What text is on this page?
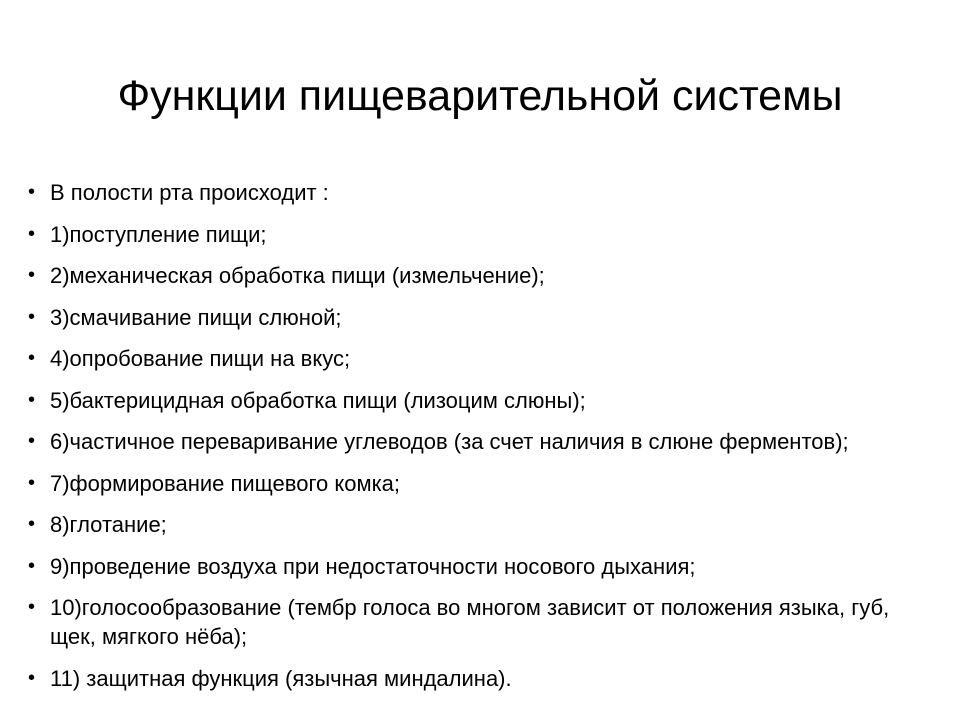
Функции пищеварительной системы
• В полости рта происходит :
• 1)поступление пищи;
• 2)механическая обработка пищи (измельчение);
• 3)смачивание пищи слюной;
• 4)опробование пищи на вкус;
• 5)бактерицидная обработка пищи (лизоцим слюны);
• 6)частичное переваривание углеводов (за счет наличия в слюне ферментов);
• 7)формирование пищевого комка;
• 8)глотание;
• 9)проведение воздуха при недостаточности носового дыхания;
• 10)голосообразование (тембр голоса во многом зависит от положения языка, губ, щек, мягкого нёба);
• 11) защитная функция (язычная миндалина).
